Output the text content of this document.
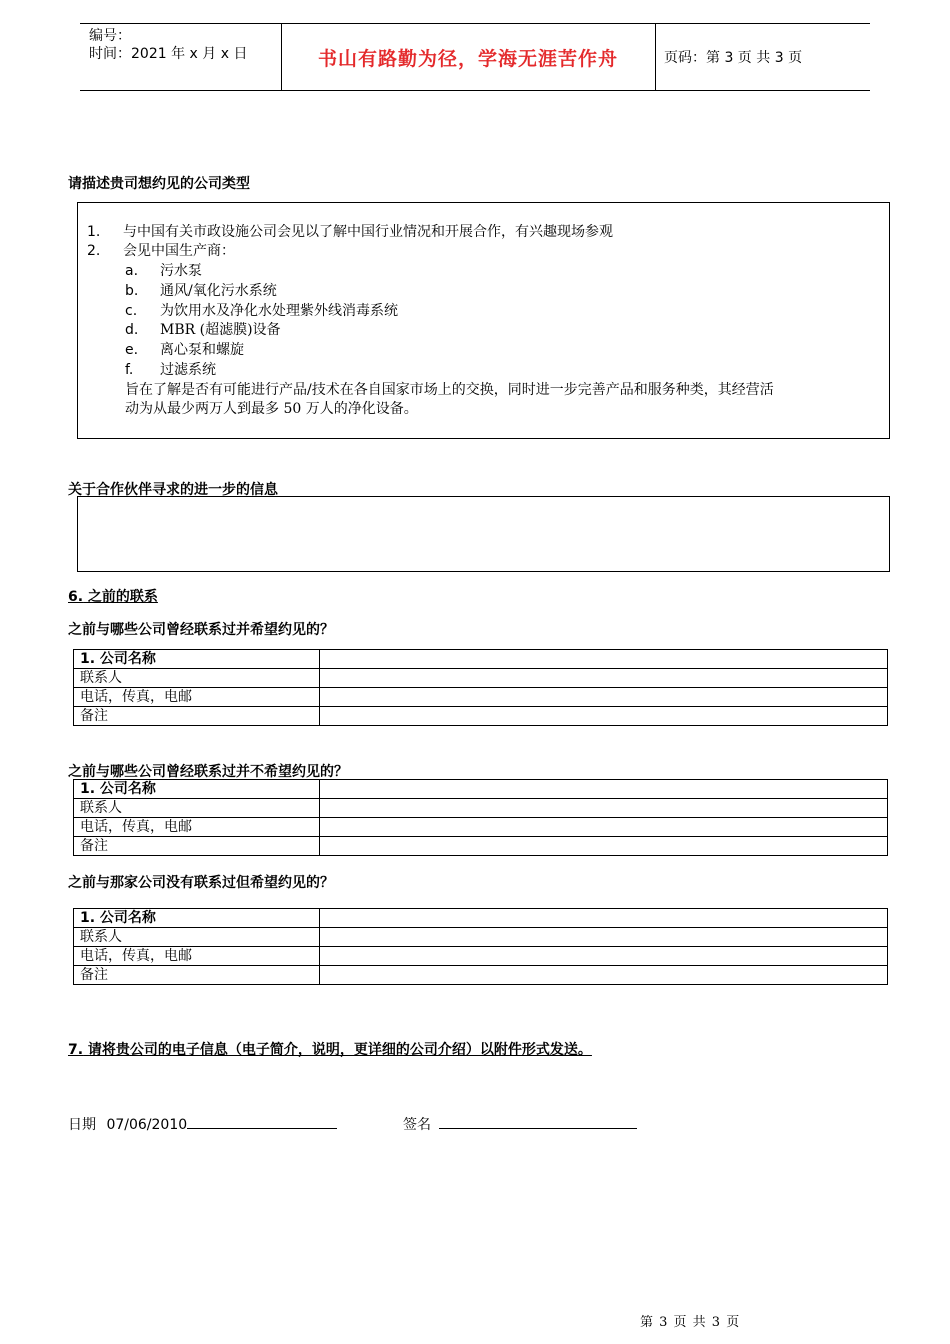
编号：
时间：2021 年 x 月 x 日	书山有路勤为径，学海无涯苦作舟	页码：第 3 页 共 3 页
请描述贵司想约见的公司类型
1. 与中国有关市政设施公司会见以了解中国行业情况和开展合作，有兴趣现场参观
2. 会见中国生产商：
a. 污水泵
b. 通风/氧化污水系统
c. 为饮用水及净化水处理紫外线消毒系统
d. MBR (超滤膜)设备
e. 离心泵和螺旋
f. 过滤系统
旨在了解是否有可能进行产品/技术在各自国家市场上的交换，同时进一步完善产品和服务种类，其经营活
动为从最少两万人到最多 50 万人的净化设备。
关于合作伙伴寻求的进一步的信息
6. 之前的联系
之前与哪些公司曾经联系过并希望约见的？
1. 公司名称	
联系人	
电话，传真，电邮	
备注	
之前与哪些公司曾经联系过并不希望约见的？
1. 公司名称	
联系人	
电话，传真，电邮	
备注	
之前与那家公司没有联系过但希望约见的？
1. 公司名称	
联系人	
电话，传真，电邮	
备注	
7. 请将贵公司的电子信息（电子简介，说明，更详细的公司介绍）以附件形式发送。
日期 07/06/2010	签名
第 3 页 共 3 页
